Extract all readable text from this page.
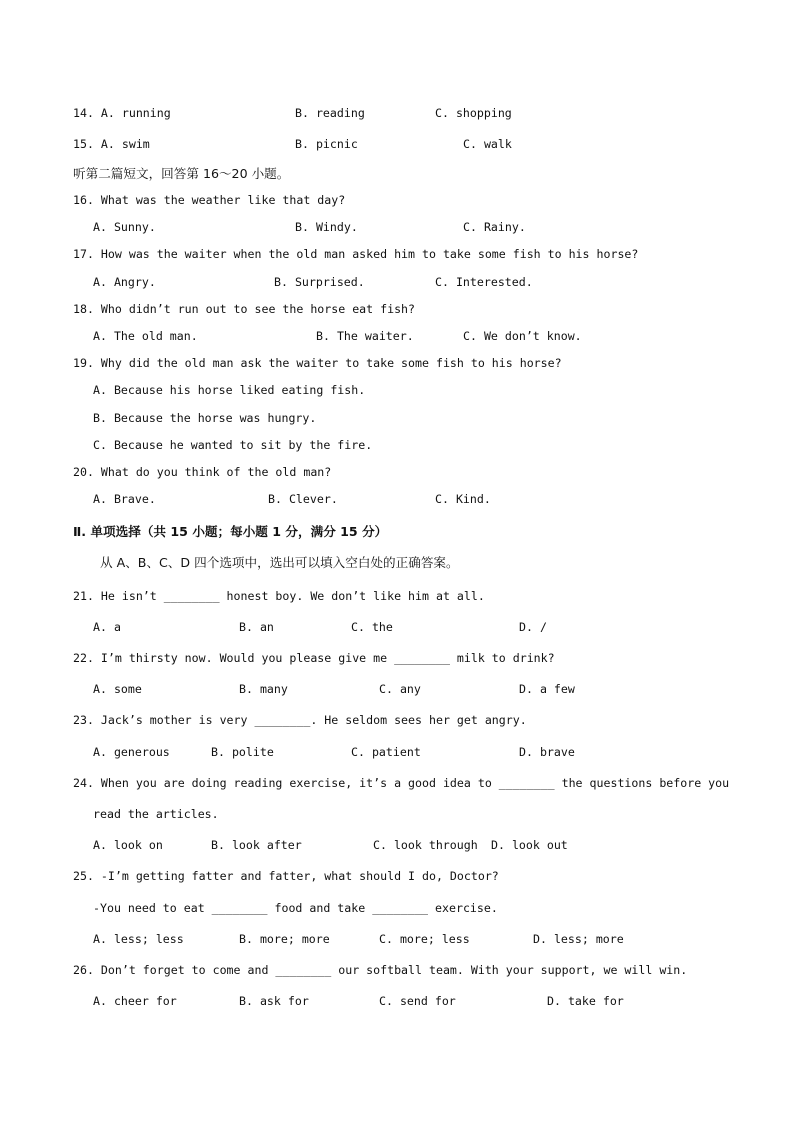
14. A. running

	B. reading

	C. shopping

15. A. swim

	B. picnic

	C. walk

听第二篇短文，回答第 16～20 小题。
16. What was the weather like that day?

A. Sunny.

	B. Windy.

	C. Rainy.

17. How was the waiter when the old man asked him to take some fish to his horse?

A. Angry.

	B. Surprised.

	C. Interested.

18. Who didn’t run out to see the horse eat fish?

A. The old man.

	B. The waiter.

	C. We don’t know.

19. Why did the old man ask the waiter to take some fish to his horse?
A. Because his horse liked eating fish.
B. Because the horse was hungry.
C. Because he wanted to sit by the fire.
20. What do you think of the old man?

A. Brave.

	B. Clever.

	C. Kind.

Ⅱ. 单项选择（共 15 小题；每小题 1 分，满分 15 分）
从 A、B、C、D 四个选项中，选出可以填入空白处的正确答案。
21. He isn’t ________ honest boy. We don’t like him at all.

A. a

	B. an

	C. the

	D. /

22. I’m thirsty now. Would you please give me ________ milk to drink?

A. some

	B. many

	C. any

	D. a few

23. Jack’s mother is very ________. He seldom sees her get angry.

A. generous

	B. polite

	C. patient

	D. brave

24. When you are doing reading exercise, it’s a good idea to ________ the questions before you
read the articles.

A. look on

	B. look after

	C. look through

D. look out

25. -I’m getting fatter and fatter, what should I do, Doctor?
-You need to eat ________ food and take ________ exercise.

A. less; less

	B. more; more

	C. more; less

	D. less; more

26. Don’t forget to come and ________ our softball team. With your support, we will win.

A. cheer for

	B. ask for

	C. send for

	D. take for
